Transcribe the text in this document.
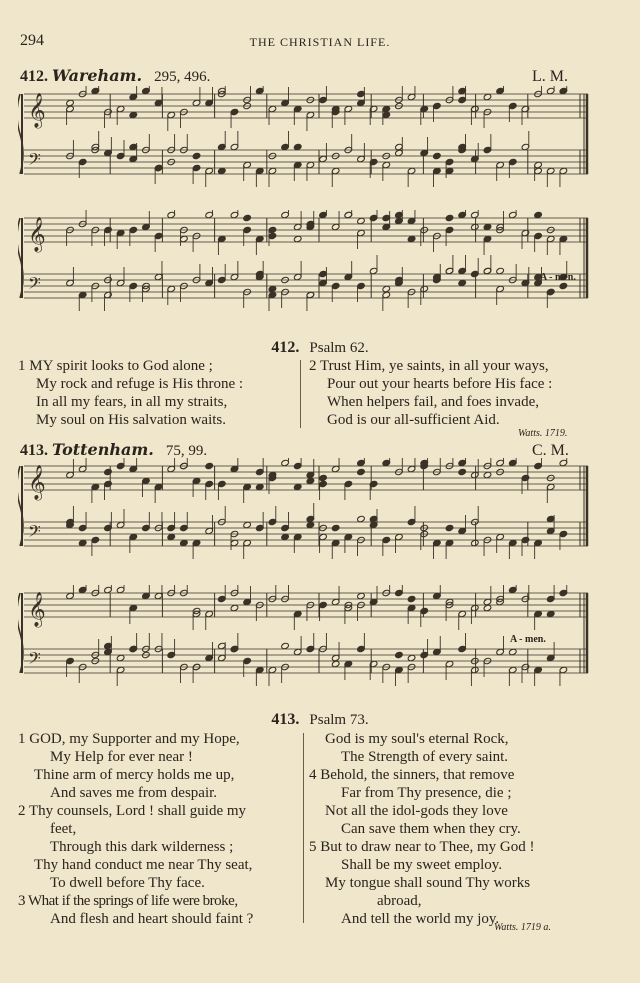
294	THE CHRISTIAN LIFE.
412. Wareham. 295, 496.	L. M.
𝄞
𝄢
𝄞
𝄢	A - men.
412. Psalm 62.
1 MY spirit looks to God alone ;
My rock and refuge is His throne :
In all my fears, in all my straits,
My soul on His salvation waits.
2 Trust Him, ye saints, in all your ways,
Pour out your hearts before His face :
When helpers fail, and foes invade,
God is our all-sufficient Aid.
Watts. 1719.
413. Tottenham. 75, 99.	C. M.
𝄞
𝄢
𝄞
𝄢
A - men.
413. Psalm 73.
1 GOD, my Supporter and my Hope,
My Help for ever near !
Thine arm of mercy holds me up,
And saves me from despair.
2 Thy counsels, Lord ! shall guide my
feet,
Through this dark wilderness ;
Thy hand conduct me near Thy seat,
To dwell before Thy face.
3 What if the springs of life were broke,
And flesh and heart should faint ?
God is my soul's eternal Rock,
The Strength of every saint.
4 Behold, the sinners, that remove
Far from Thy presence, die ;
Not all the idol-gods they love
Can save them when they cry.
5 But to draw near to Thee, my God !
Shall be my sweet employ.
My tongue shall sound Thy works
abroad,
And tell the world my joy.
Watts. 1719 a.
